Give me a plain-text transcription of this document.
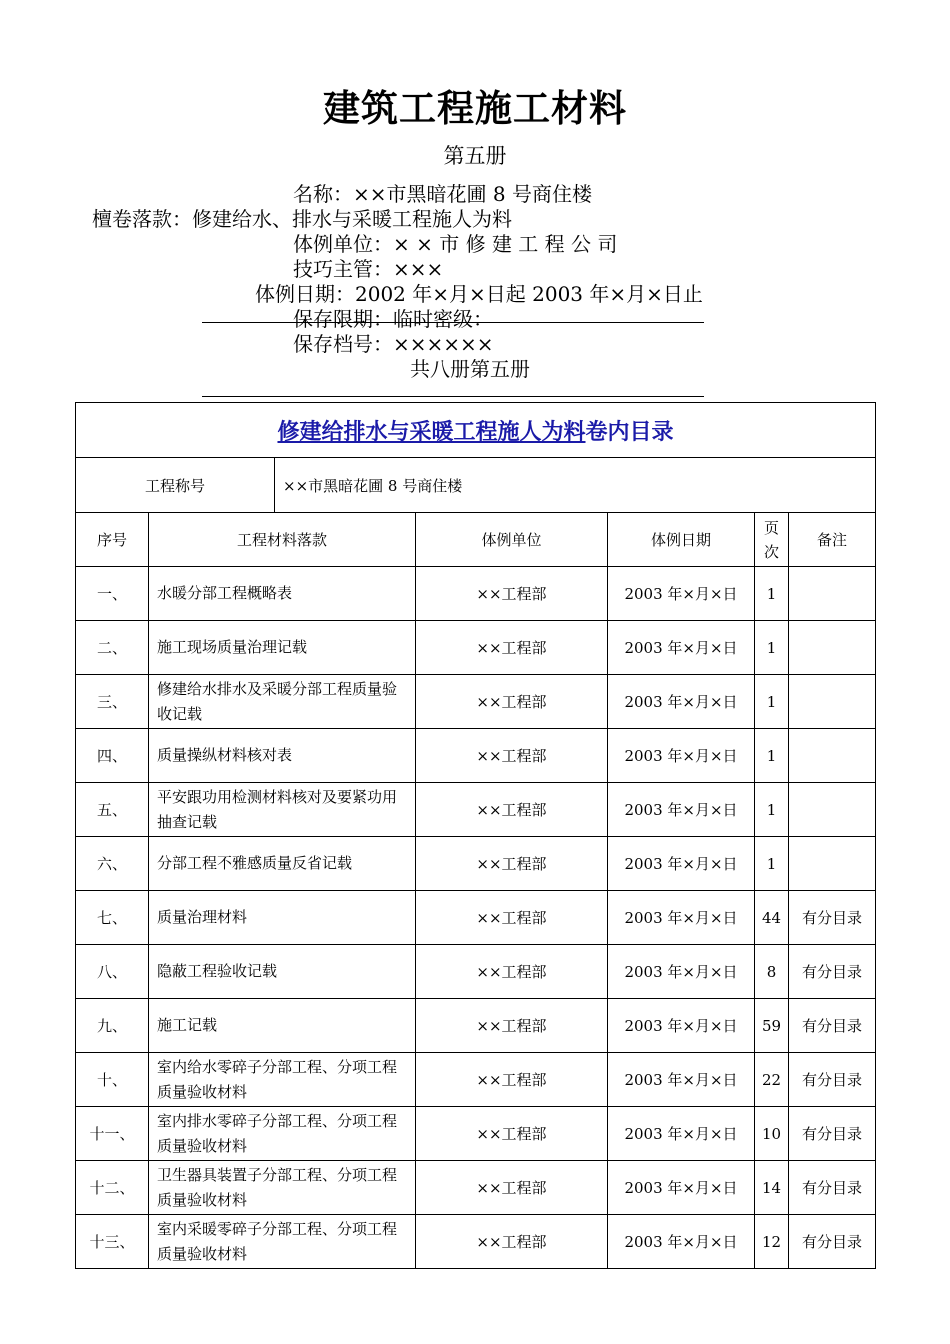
建筑工程施工材料
第五册
名称：××市黑暗花圃 8 号商住楼
檀卷落款：修建给水、排水与采暖工程施人为料
体例单位：× × 市 修 建 工 程 公 司
技巧主管：×××
体例日期：2002 年×月×日起 2003 年×月×日止
保存限期：临时密级：
保存档号：××××××
共八册第五册
修建给排水与采暖工程施人为料卷内目录						
工程称号		××市黑暗花圃 8 号商住楼				
序号	工程材料落款		体例单位	体例日期	页次	备注
一、	水暖分部工程概略表		××工程部	2003 年×月×日	1	
二、	施工现场质量治理记载		××工程部	2003 年×月×日	1	
三、	修建给水排水及采暖分部工程质量验收记载		××工程部	2003 年×月×日	1	
四、	质量操纵材料核对表		××工程部	2003 年×月×日	1	
五、	平安跟功用检测材料核对及要紧功用抽查记载		××工程部	2003 年×月×日	1	
六、	分部工程不雅感质量反省记载		××工程部	2003 年×月×日	1	
七、	质量治理材料		××工程部	2003 年×月×日	44	有分目录
八、	隐蔽工程验收记载		××工程部	2003 年×月×日	8	有分目录
九、	施工记载		××工程部	2003 年×月×日	59	有分目录
十、	室内给水零碎子分部工程、分项工程质量验收材料		××工程部	2003 年×月×日	22	有分目录
十一、	室内排水零碎子分部工程、分项工程质量验收材料		××工程部	2003 年×月×日	10	有分目录
十二、	卫生器具装置子分部工程、分项工程质量验收材料		××工程部	2003 年×月×日	14	有分目录
十三、	室内采暖零碎子分部工程、分项工程质量验收材料		××工程部	2003 年×月×日	12	有分目录
